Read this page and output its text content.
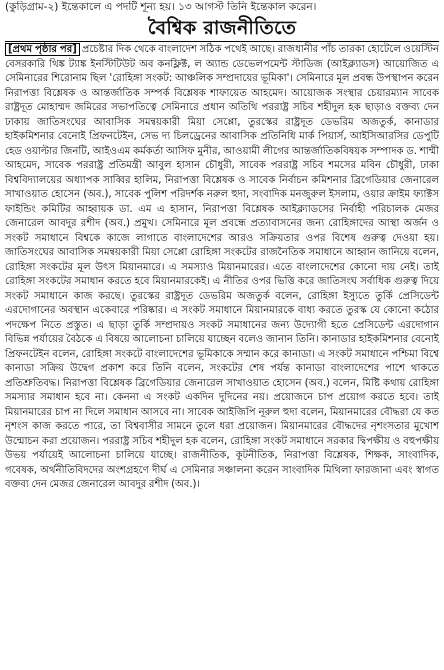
(কুড়িগ্রাম-২) ইন্তেকালে এ পদটি শূন্য হয়। ১৩ আগস্ট তিনি ইন্তেকাল করেন।
বৈশ্বিক রাজনীতিতে

[প্রথম পৃষ্ঠার পর] প্রচেষ্টার দিক থেকে বাংলাদেশ সঠিক পথেই আছে। রাজধানীর পাঁচ তারকা হোটেলে ওয়েস্টিন বেসরকারি থিঙ্ক ট্যাঙ্ক ইনস্টিটিউট অব কনফ্লিক্ট, ল অ্যান্ড ডেভেলপমেন্ট স্টাডিজ (আইক্ল্যাডস) আয়োজিত এ সেমিনারের শিরোনাম ছিল 'রোহিঙ্গা সংকট: আঞ্চলিক সম্প্রদায়ের ভূমিকা'। সেমিনারে মূল প্রবন্ধ উপস্থাপন করেন নিরাপত্তা বিশ্লেষক ও আন্তর্জাতিক সম্পর্ক বিশ্লেষক শাফায়েত আহমেদ। আয়োজক সংস্থার চেয়ারম্যান সাবেক রাষ্ট্রদূত মোহাম্মদ জমিরের সভাপতিত্বে সেমিনারে প্রধান অতিথি পররাষ্ট্র সচিব শহীদুল হক ছাড়াও বক্তব্য দেন ঢাকায় জাতিসংঘের আবাসিক সমন্বয়কারী মিয়া সেপ্পো, তুরস্কের রাষ্ট্রদূত ডেভরিম অজতুর্ক, কানাডার হাইকমিশনার বেনোই প্রিফনটেইন, সেভ দ্য চিলড্রেনের আবাসিক প্রতিনিধি মার্ক পিয়ার্স, আইসিআরসির ডেপুটি হেড ওয়াল্টার জিনটি, আইওএম কর্মকর্তা আসিফ মুনীর, আওয়ামী লীগের আন্তর্জাতিকবিষয়ক সম্পাদক ড. শাম্মী আহমেদ, সাবেক পররাষ্ট্র প্রতিমন্ত্রী আবুল হাসান চৌধুরী, সাবেক পররাষ্ট্র সচিব শমসের মবিন চৌধুরী, ঢাকা বিশ্ববিদ্যালয়ের অধ্যাপক সাব্বির হালিম, নিরাপত্তা বিশ্লেষক ও সাবেক নির্বাচন কমিশনার ব্রিগেডিয়ার জেনারেল সাখাওয়াত হোসেন (অব.), সাবেক পুলিশ পরিদর্শক নরুল হুদা, সংবাদিক মনজুরুল ইসলাম, ওয়ার ক্রাইম ফ্যাক্টস ফাইন্ডিং কমিটির আহ্বায়ক ডা. এম এ হাসান, নিরাপত্তা বিশ্লেষক আইক্ল্যাডসের নির্বাহী পরিচালক মেজর জেনারেল আবদুর রশীদ (অব.) প্রমুখ। সেমিনারে মূল প্রবন্ধে প্রত্যাবাসনের জন্য রোহিঙ্গাদের আস্থা অর্জন ও সংকট সমাধানে বিশ্বকে কাজে লাগাতে বাংলাদেশের আরও সক্রিয়তার ওপর বিশেষ গুরুত্ব দেওয়া হয়। জাতিসংঘের আবাসিক সমন্বয়কারী মিয়া সেপ্পো রোহিঙ্গা সংকটের রাজনৈতিক সমাধানে আহ্বান জানিয়ে বলেন, রোহিঙ্গা সংকটের মূল উৎস মিয়ানমারে। এ সমস্যাও মিয়ানমারের। এতে বাংলাদেশের কোনো দায় নেই। তাই রোহিঙ্গা সংকটের সমাধান করতে হবে মিয়ানমারকেই। এ নীতির ওপর ভিত্তি করে জাতিসংঘ সর্বাধিক গুরুত্ব দিয়ে সংকট সমাধানে কাজ করছে। তুরস্কের রাষ্ট্রদূত ডেভরিম অজতুর্ক বলেন, রোহিঙ্গা ইস্যুতে তুর্কি প্রেসিডেন্ট এরদোগানের অবস্থান একেবারে পরিষ্কার। এ সংকট সমাধানে মিয়ানমারকে বাধ্য করতে তুরস্ক যে কোনো কঠোর পদক্ষেপ নিতে প্রস্তুত। এ ছাড়া তুর্কি সম্প্রদায়ও সংকট সমাধানের জন্য উদ্যোগী হতে প্রেসিডেন্ট এরদোগান বিভিন্ন পর্যায়ের বৈঠকে এ বিষয়ে আলোচনা চালিয়ে যাচ্ছেন বলেও জানান তিনি। কানাডার হাইকমিশনার বেনোই প্রিফনটেইন বলেন, রোহিঙ্গা সংকটে বাংলাদেশের ভূমিকাকে সম্মান করে কানাডা। এ সংকট সমাধানে পশ্চিমা বিশ্বে কানাডা সক্রিয় উদ্বেগ প্রকাশ করে তিনি বলেন, সংকটের শেষ পর্যন্ত কানাডা বাংলাদেশের পাশে থাকতে প্রতিশ্রুতিবদ্ধ। নিরাপত্তা বিশ্লেষক ব্রিগেডিয়ার জেনারেল সাখাওয়াত হোসেন (অব.) বলেন, মিষ্টি কথায় রোহিঙ্গা সমস্যার সমাধান হবে না। কেননা এ সংকট একদিন দুদিনের নয়। প্রয়োজনে চাপ প্রয়োগ করতে হবে। তাই মিয়ানমারের চাপ না দিলে সমাধান আসবে না। সাবেক আইজিপি নূরুল হুদা বলেন, মিয়ানমারের বৌদ্ধরা যে কত নৃশংস কাজ করতে পারে, তা বিশ্ববাসীর সামনে তুলে ধরা প্রয়োজন। মিয়ানমারের বৌদ্ধদের নৃশংসতার মুখোশ উন্মোচন করা প্রয়োজন। পররাষ্ট্র সচিব শহীদুল হক বলেন, রোহিঙ্গা সংকট সমাধানে সরকার দ্বিপক্ষীয় ও বহুপক্ষীয় উভয় পর্যায়েই আলোচনা চালিয়ে যাচ্ছে। রাজনীতিক, কূটনীতিক, নিরাপত্তা বিশ্লেষক, শিক্ষক, সাংবাদিক, গবেষক, অর্থনীতিবিদদের অংশগ্রহণে দীর্ঘ এ সেমিনার সঞ্চালনা করেন সাংবাদিক মিথিলা ফারজানা এবং স্বাগত বক্তব্য দেন মেজর জেনারেল আবদুর রশীদ (অব.)।
